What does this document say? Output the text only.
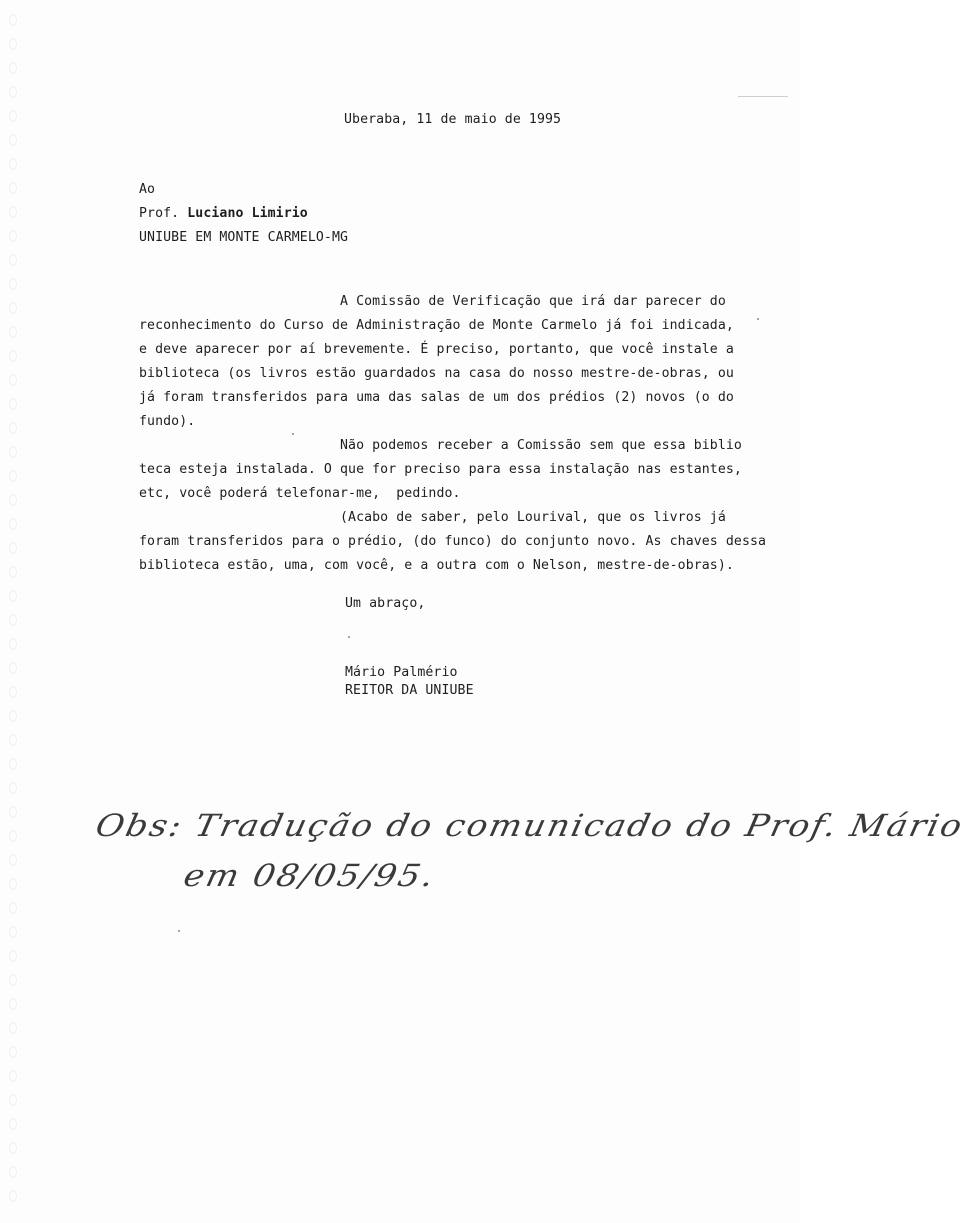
Uberaba, 11 de maio de 1995
Ao
Prof. Luciano Limirio
UNIUBE EM MONTE CARMELO-MG
A Comissão de Verificação que irá dar parecer do
reconhecimento do Curso de Administração de Monte Carmelo já foi indicada,
e deve aparecer por aí brevemente. É preciso, portanto, que você instale a
biblioteca (os livros estão guardados na casa do nosso mestre-de-obras, ou
já foram transferidos para uma das salas de um dos prédios (2) novos (o do
fundo).
Não podemos receber a Comissão sem que essa biblio
teca esteja instalada. O que for preciso para essa instalação nas estantes,
etc, você poderá telefonar-me,  pedindo.
(Acabo de saber, pelo Lourival, que os livros já
foram transferidos para o prédio, (do funco) do conjunto novo. As chaves dessa
biblioteca estão, uma, com você, e a outra com o Nelson, mestre-de-obras).
Um abraço,
Mário Palmério
REITOR DA UNIUBE
Obs: Tradução do comunicado do Prof. Mário
em 08/05/95.
